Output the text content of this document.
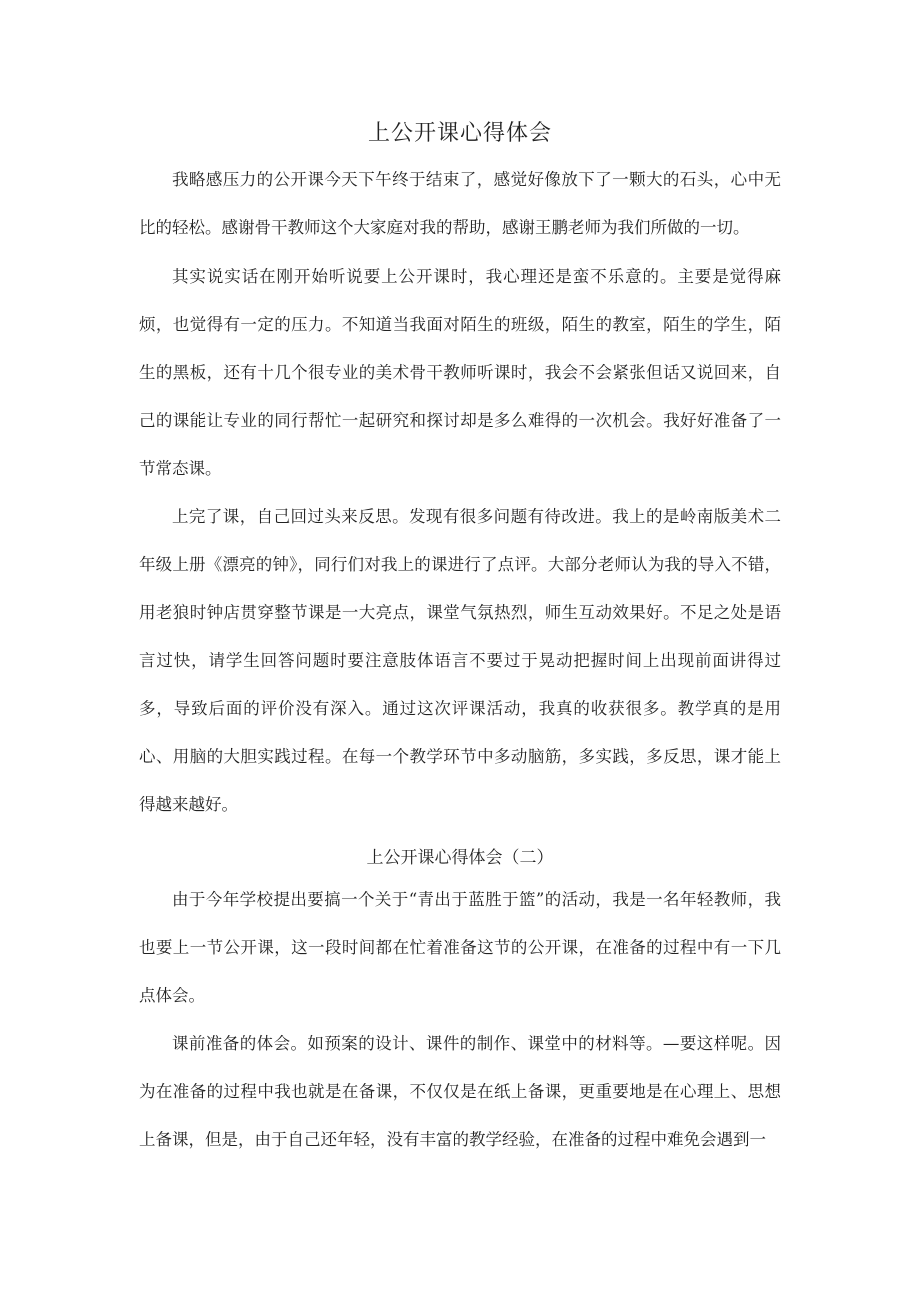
上公开课心得体会

我略感压力的公开课今天下午终于结束了，感觉好像放下了一颗大的石头，心中无比的轻松。感谢骨干教师这个大家庭对我的帮助，感谢王鹏老师为我们所做的一切。

其实说实话在刚开始听说要上公开课时，我心理还是蛮不乐意的。主要是觉得麻烦，也觉得有一定的压力。不知道当我面对陌生的班级，陌生的教室，陌生的学生，陌生的黑板，还有十几个很专业的美术骨干教师听课时，我会不会紧张但话又说回来，自己的课能让专业的同行帮忙一起研究和探讨却是多么难得的一次机会。我好好准备了一节常态课。

上完了课，自己回过头来反思。发现有很多问题有待改进。我上的是岭南版美术二年级上册《漂亮的钟》，同行们对我上的课进行了点评。大部分老师认为我的导入不错，用老狼时钟店贯穿整节课是一大亮点，课堂气氛热烈，师生互动效果好。不足之处是语言过快，请学生回答问题时要注意肢体语言不要过于晃动把握时间上出现前面讲得过多，导致后面的评价没有深入。通过这次评课活动，我真的收获很多。教学真的是用心、用脑的大胆实践过程。在每一个教学环节中多动脑筋，多实践，多反思，课才能上得越来越好。

上公开课心得体会（二）

由于今年学校提出要搞一个关于“青出于蓝胜于篮”的活动，我是一名年轻教师，我也要上一节公开课，这一段时间都在忙着准备这节的公开课，在准备的过程中有一下几点体会。

课前准备的体会。如预案的设计、课件的制作、课堂中的材料等。—要这样呢。因为在准备的过程中我也就是在备课，不仅仅是在纸上备课，更重要地是在心理上、思想上备课，但是，由于自己还年轻，没有丰富的教学经验，在准备的过程中难免会遇到一
